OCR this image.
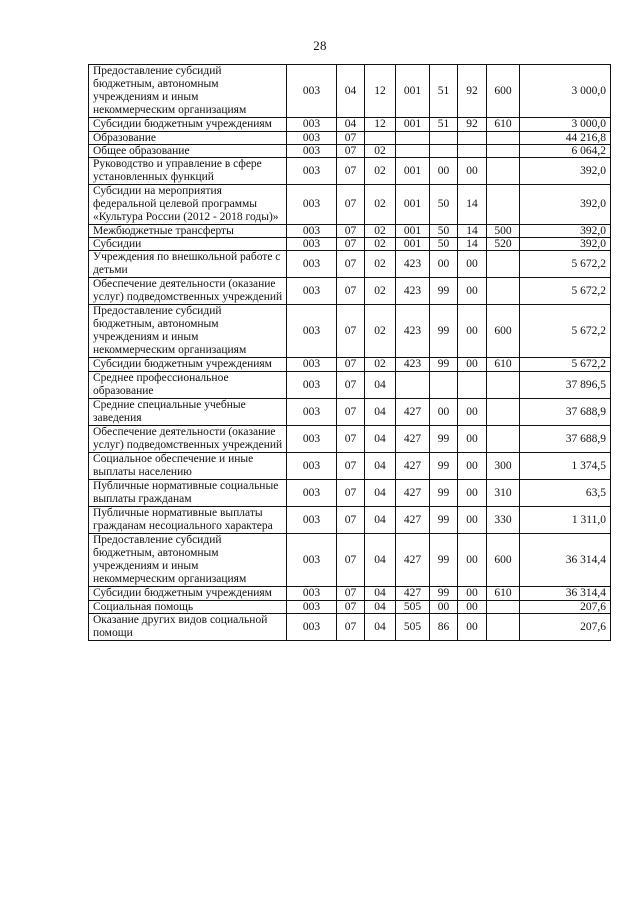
28
Предоставление субсидий бюджетным, автономным учреждениям и иным некоммерческим организациям	003	04	12	001	51	92	600	3 000,0
Субсидии бюджетным учреждениям	003	04	12	001	51	92	610	3 000,0
Образование	003	07						44 216,8
Общее образование	003	07	02					6 064,2
Руководство и управление в сфере установленных функций	003	07	02	001	00	00		392,0
Субсидии на мероприятия федеральной целевой программы «Культура России (2012 - 2018 годы)»	003	07	02	001	50	14		392,0
Межбюджетные трансферты	003	07	02	001	50	14	500	392,0
Субсидии	003	07	02	001	50	14	520	392,0
Учреждения по внешкольной работе с детьми	003	07	02	423	00	00		5 672,2
Обеспечение деятельности (оказание услуг) подведомственных учреждений	003	07	02	423	99	00		5 672,2
Предоставление субсидий бюджетным, автономным учреждениям и иным некоммерческим организациям	003	07	02	423	99	00	600	5 672,2
Субсидии бюджетным учреждениям	003	07	02	423	99	00	610	5 672,2
Среднее профессиональное образование	003	07	04					37 896,5
Средние специальные учебные заведения	003	07	04	427	00	00		37 688,9
Обеспечение деятельности (оказание услуг) подведомственных учреждений	003	07	04	427	99	00		37 688,9
Социальное обеспечение и иные выплаты населению	003	07	04	427	99	00	300	1 374,5
Публичные нормативные социальные выплаты гражданам	003	07	04	427	99	00	310	63,5
Публичные нормативные выплаты гражданам несоциального характера	003	07	04	427	99	00	330	1 311,0
Предоставление субсидий бюджетным, автономным учреждениям и иным некоммерческим организациям	003	07	04	427	99	00	600	36 314,4
Субсидии бюджетным учреждениям	003	07	04	427	99	00	610	36 314,4
Социальная помощь	003	07	04	505	00	00		207,6
Оказание других видов социальной помощи	003	07	04	505	86	00		207,6
